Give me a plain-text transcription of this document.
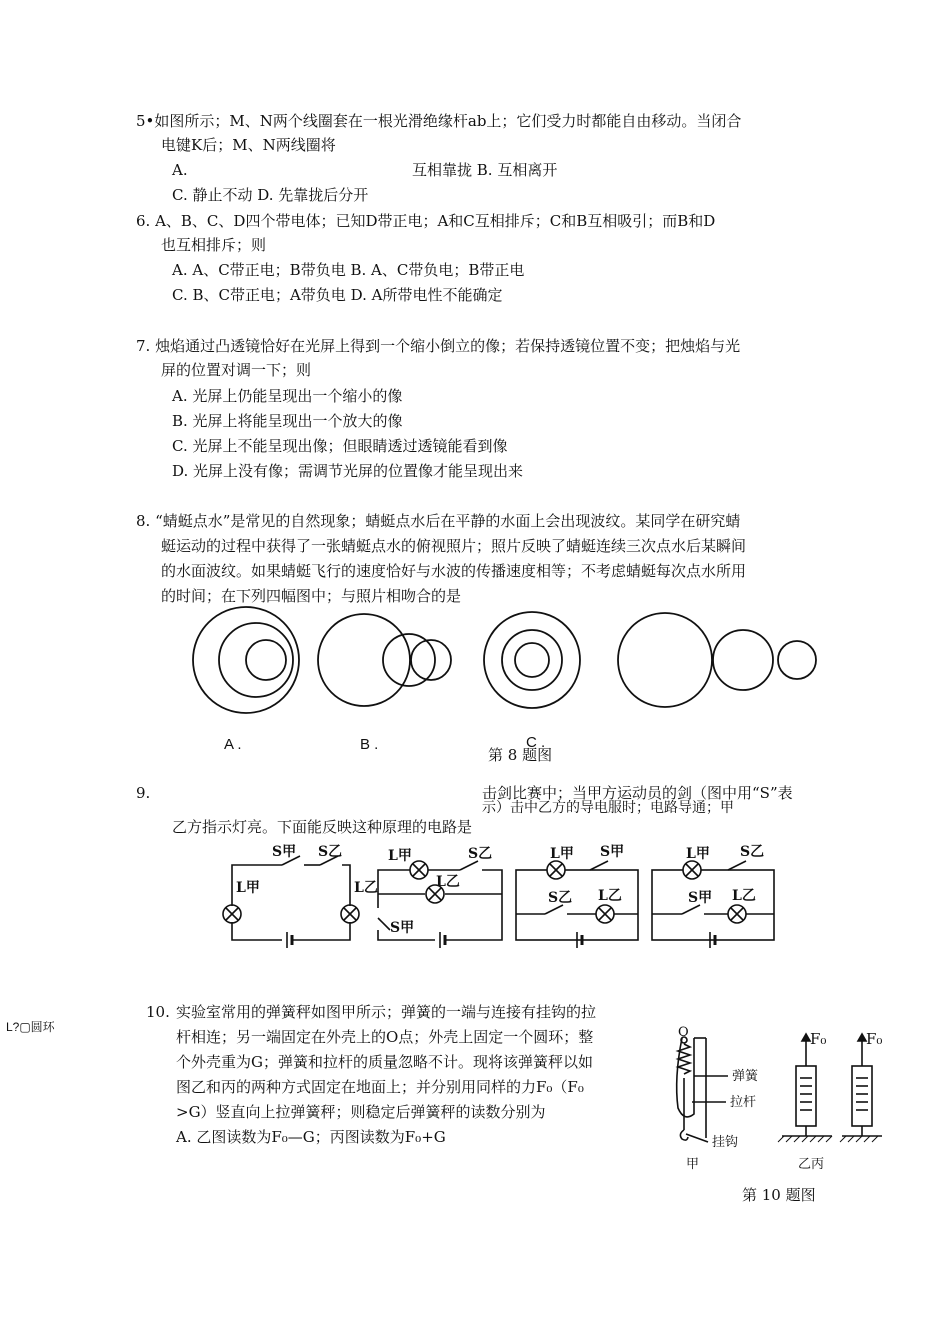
5•如图所示；M、N两个线圈套在一根光滑绝缘杆ab上；它们受力时都能自由移动。当闭合
电键K后；M、N两线圈将
A.	互相靠拢 B. 互相离开
C. 静止不动 D. 先靠拢后分开
6. A、B、C、D四个带电体；已知D带正电；A和C互相排斥；C和B互相吸引；而B和D
也互相排斥；则
A. A、C带正电；B带负电 B. A、C带负电；B带正电
C. B、C带正电；A带负电 D. A所带电性不能确定
7. 烛焰通过凸透镜恰好在光屏上得到一个缩小倒立的像；若保持透镜位置不变；把烛焰与光
屏的位置对调一下；则
A. 光屏上仍能呈现出一个缩小的像
B. 光屏上将能呈现出一个放大的像
C. 光屏上不能呈现出像；但眼睛透过透镜能看到像
D. 光屏上没有像；需调节光屏的位置像才能呈现出来
8. “蜻蜓点水”是常见的自然现象；蜻蜓点水后在平静的水面上会出现波纹。某同学在研究蜻
蜓运动的过程中获得了一张蜻蜓点水的俯视照片；照片反映了蜻蜓连续三次点水后某瞬间
的水面波纹。如果蜻蜓飞行的速度恰好与水波的传播速度相等；不考虑蜻蜓每次点水所用
的时间；在下列四幅图中；与照片相吻合的是
A .	B .	C .
第 8 题图
9.	击剑比赛中；当甲方运动员的剑（图中用“S”表
示）击中乙方的导电服时；电路导通；甲
乙方指示灯亮。下面能反映这种原理的电路是
S甲 S乙
L甲	L乙
L甲	S乙
L乙
S甲
L甲 S甲
S乙 L乙
L甲 S乙
S甲 L乙
L?▢圆环
10. 实验室常用的弹簧秤如图甲所示；弹簧的一端与连接有挂钩的拉
杆相连；另一端固定在外壳上的O点；外壳上固定一个圆环；整
个外壳重为G；弹簧和拉杆的质量忽略不计。现将该弹簧秤以如
图乙和丙的两种方式固定在地面上；并分别用同样的力F₀（F₀
>G）竖直向上拉弹簧秤；则稳定后弹簧秤的读数分别为
A. 乙图读数为F₀—G；丙图读数为F₀+G
O
弹簧
拉杆
挂钩
甲	乙丙
F₀	F₀
第 10 题图
